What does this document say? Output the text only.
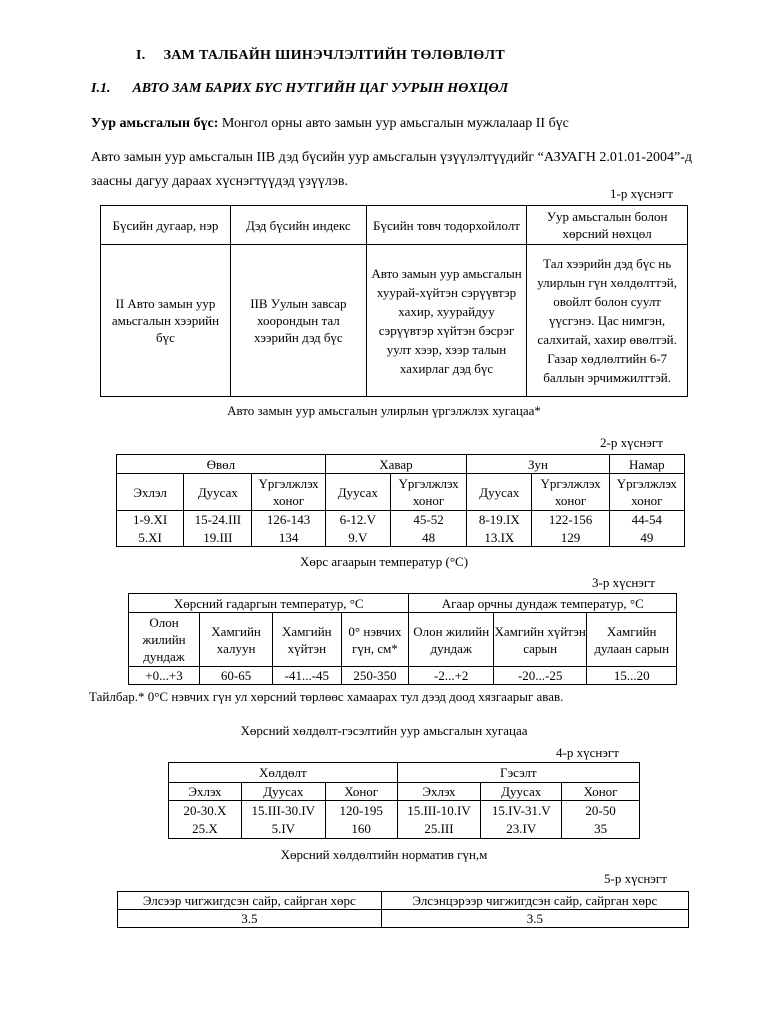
I. ЗАМ ТАЛБАЙН ШИНЭЧЛЭЛТИЙН ТӨЛӨВЛӨЛТ
I.1. АВТО ЗАМ БАРИХ БҮС НУТГИЙН ЦАГ УУРЫН НӨХЦӨЛ
Уур амьсгалын бүс: Монгол орны авто замын уур амьсгалын мужлалаар II бүс
Авто замын уур амьсгалын IIВ дэд бүсийн уур амьсгалын үзүүлэлтүүдийг “АЗУАГН 2.01.01-2004”-д заасны дагуу дараах хүснэгтүүдэд үзүүлэв.
1-р хүснэгт
Бүсийн дугаар, нэр	Дэд бүсийн индекс	Бүсийн товч тодорхойлолт	Уур амьсгалын болон хөрсний нөхцөл
II Авто замын уур амьсгалын хээрийн бүс	IIВ Уулын завсар хоорондын тал хээрийн дэд бүс	Авто замын уур амьсгалын хуурай-хүйтэн сэрүүвтэр хахир, хуурайдуу сэрүүвтэр хүйтэн бэсрэг уулт хээр, хээр талын хахирлаг дэд бүс	Тал хээрийн дэд бүс нь улирлын гүн хөлдөлттэй, овойлт болон суулт үүсгэнэ. Цас нимгэн, салхитай, хахир өвөлтэй. Газар хөдлөлтийн 6-7 баллын эрчимжилттэй.
Авто замын уур амьсгалын улирлын үргэлжлэх хугацаа*
2-р хүснэгт
Өвөл			Хавар		Зун		Намар
Эхлэл	Дуусах	Үргэлжлэх хоног	Дуусах	Үргэлжлэх хоног	Дуусах	Үргэлжлэх хоног	Үргэлжлэх хоног
1-9.XI	15-24.III	126-143	6-12.V	45-52	8-19.IX	122-156	44-54
5.XI	19.III	134	9.V	48	13.IX	129	49
Хөрс агаарын температур (°C)
3-р хүснэгт
Хөрсний гадаргын температур, °С				Агаар орчны дундаж температур, °С		
Олон жилийн дундаж	Хамгийн халуун	Хамгийн хүйтэн	0° нэвчих гүн, см*	Олон жилийн дундаж	Хамгийн хүйтэн сарын	Хамгийн дулаан сарын
+0...+3	60-65	-41...-45	250-350	-2...+2	-20...-25	15...20
Тайлбар.* 0°С нэвчих гүн ул хөрсний төрлөөс хамаарах тул дээд доод хязгаарыг авав.
Хөрсний хөлдөлт-гэсэлтийн уур амьсгалын хугацаа
4-р хүснэгт
Хөлдөлт			Гэсэлт		
Эхлэх	Дуусах	Хоног	Эхлэх	Дуусах	Хоног
20-30.X	15.III-30.IV	120-195	15.III-10.IV	15.IV-31.V	20-50
25.X	5.IV	160	25.III	23.IV	35
Хөрсний хөлдөлтийн норматив гүн,м
5-р хүснэгт
Элсээр чигжигдсэн сайр, сайрган хөрс	Элсэнцэрээр чигжигдсэн сайр, сайрган хөрс
3.5	3.5
